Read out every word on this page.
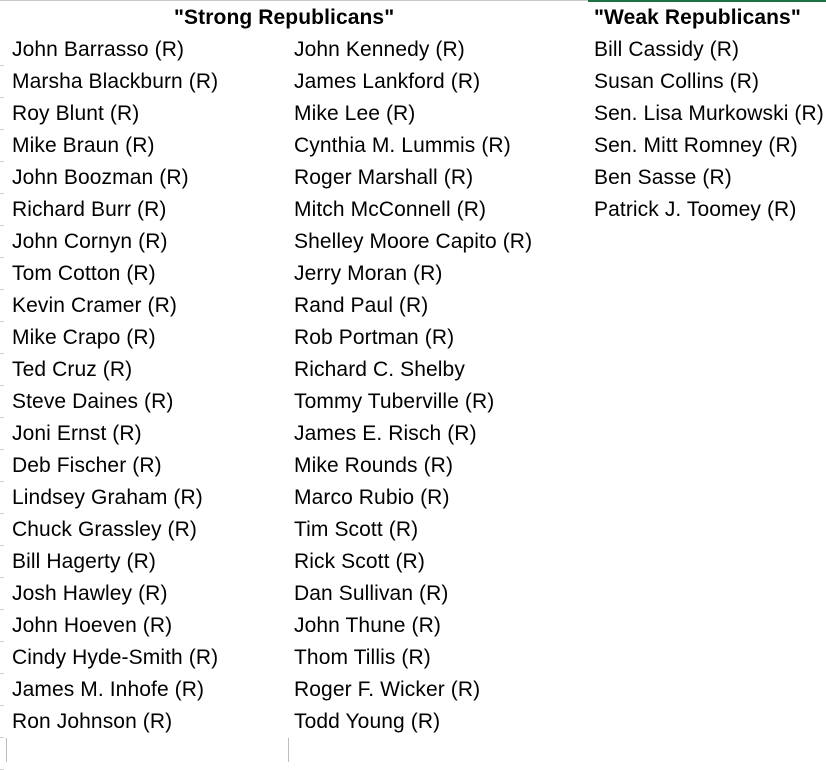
"Strong Republicans"	"Weak Republicans"
John Barrasso (R)
Marsha Blackburn (R)
Roy Blunt (R)
Mike Braun (R)
John Boozman (R)
Richard Burr (R)
John Cornyn (R)
Tom Cotton (R)
Kevin Cramer (R)
Mike Crapo (R)
Ted Cruz (R)
Steve Daines (R)
Joni Ernst (R)
Deb Fischer (R)
Lindsey Graham (R)
Chuck Grassley (R)
Bill Hagerty (R)
Josh Hawley (R)
John Hoeven (R)
Cindy Hyde-Smith (R)
James M. Inhofe (R)
Ron Johnson (R)
John Kennedy (R)
James Lankford (R)
Mike Lee (R)
Cynthia M. Lummis (R)
Roger Marshall (R)
Mitch McConnell (R)
Shelley Moore Capito (R)
Jerry Moran (R)
Rand Paul (R)
Rob Portman (R)
Richard C. Shelby
Tommy Tuberville (R)
James E. Risch (R)
Mike Rounds (R)
Marco Rubio (R)
Tim Scott (R)
Rick Scott (R)
Dan Sullivan (R)
John Thune (R)
Thom Tillis (R)
Roger F. Wicker (R)
Todd Young (R)
Bill Cassidy (R)
Susan Collins (R)
Sen. Lisa Murkowski (R)
Sen. Mitt Romney (R)
Ben Sasse (R)
Patrick J. Toomey (R)
